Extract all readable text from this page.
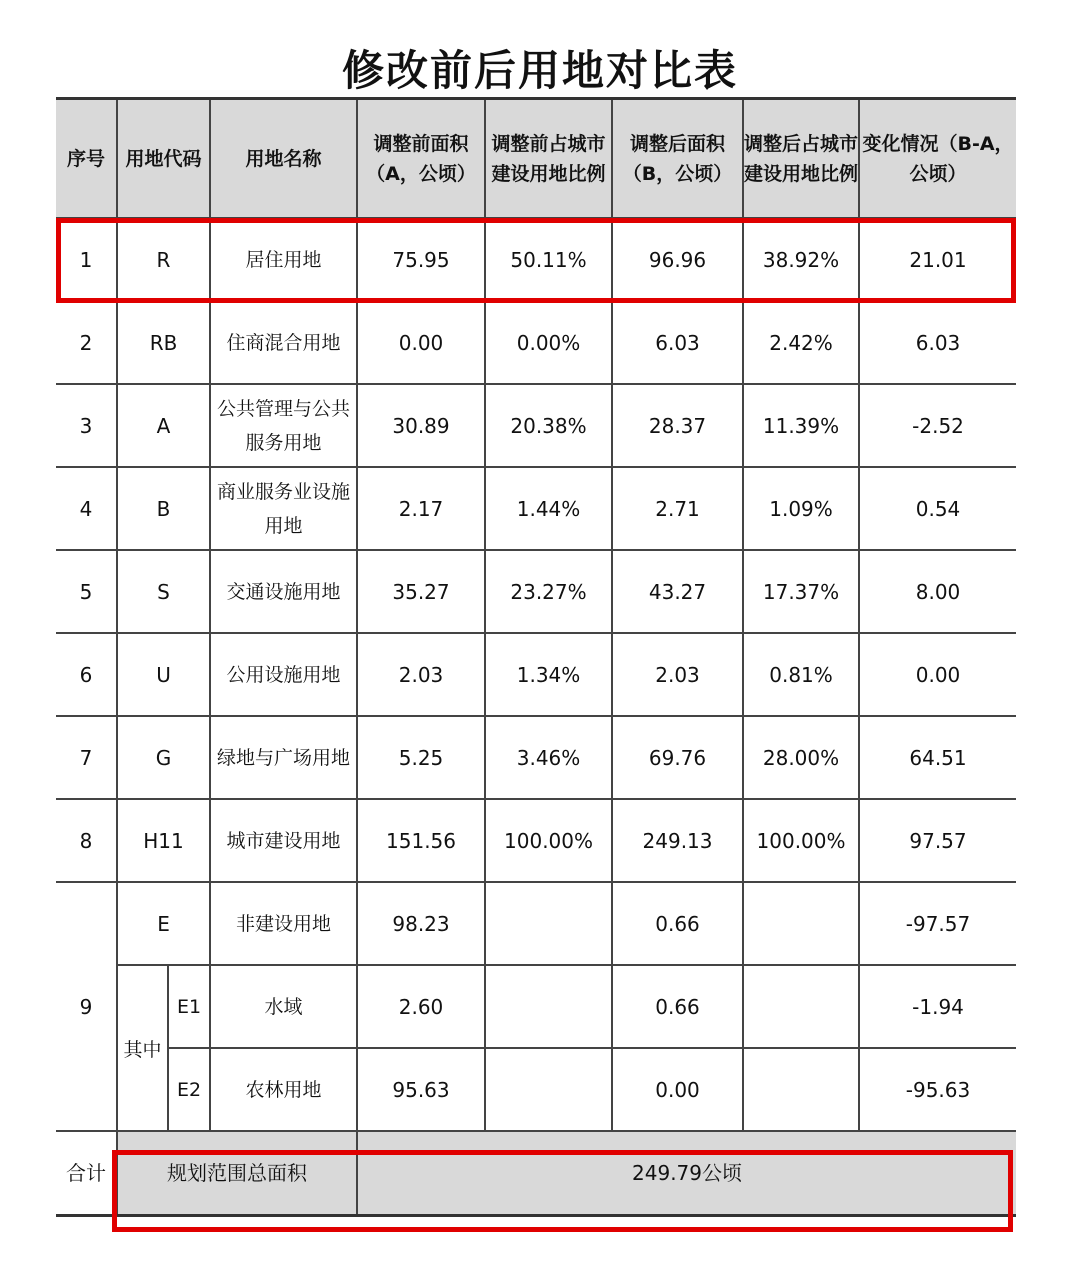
修改前后用地对比表
序号	用地代码		用地名称	调整前面积（A，公顷）	调整前占城市建设用地比例	调整后面积（B，公顷）	调整后占城市建设用地比例	变化情况（B-A，公顷）
1	R		居住用地	75.95	50.11%	96.96	38.92%	21.01
2	RB		住商混合用地	0.00	0.00%	6.03	2.42%	6.03
3	A		公共管理与公共服务用地	30.89	20.38%	28.37	11.39%	-2.52
4	B		商业服务业设施用地	2.17	1.44%	2.71	1.09%	0.54
5	S		交通设施用地	35.27	23.27%	43.27	17.37%	8.00
6	U		公用设施用地	2.03	1.34%	2.03	0.81%	0.00
7	G		绿地与广场用地	5.25	3.46%	69.76	28.00%	64.51
8	H11		城市建设用地	151.56	100.00%	249.13	100.00%	97.57
9	E		非建设用地	98.23		0.66		-97.57
	其中	E1	水域	2.60		0.66		-1.94
		E2	农林用地	95.63		0.00		-95.63
合计	规划范围总面积			249.79公顷				
